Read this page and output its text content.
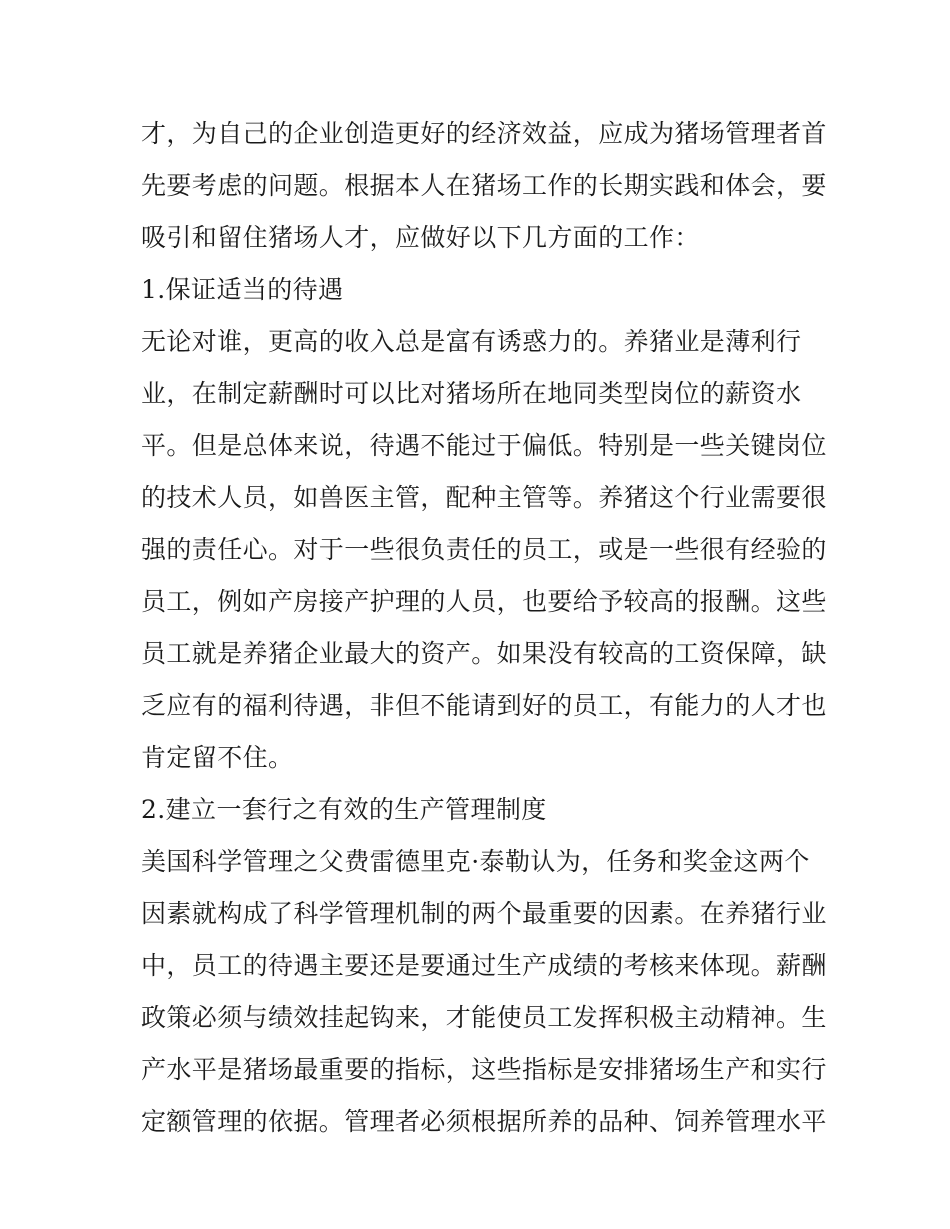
才，为自己的企业创造更好的经济效益，应成为猪场管理者首
先要考虑的问题。根据本人在猪场工作的长期实践和体会，要
吸引和留住猪场人才，应做好以下几方面的工作：
1.保证适当的待遇
无论对谁，更高的收入总是富有诱惑力的。养猪业是薄利行
业，在制定薪酬时可以比对猪场所在地同类型岗位的薪资水
平。但是总体来说，待遇不能过于偏低。特别是一些关键岗位
的技术人员，如兽医主管，配种主管等。养猪这个行业需要很
强的责任心。对于一些很负责任的员工，或是一些很有经验的
员工，例如产房接产护理的人员，也要给予较高的报酬。这些
员工就是养猪企业最大的资产。如果没有较高的工资保障，缺
乏应有的福利待遇，非但不能请到好的员工，有能力的人才也
肯定留不住。
2.建立一套行之有效的生产管理制度
美国科学管理之父费雷德里克·泰勒认为，任务和奖金这两个
因素就构成了科学管理机制的两个最重要的因素。在养猪行业
中，员工的待遇主要还是要通过生产成绩的考核来体现。薪酬
政策必须与绩效挂起钩来，才能使员工发挥积极主动精神。生
产水平是猪场最重要的指标，这些指标是安排猪场生产和实行
定额管理的依据。管理者必须根据所养的品种、饲养管理水平
